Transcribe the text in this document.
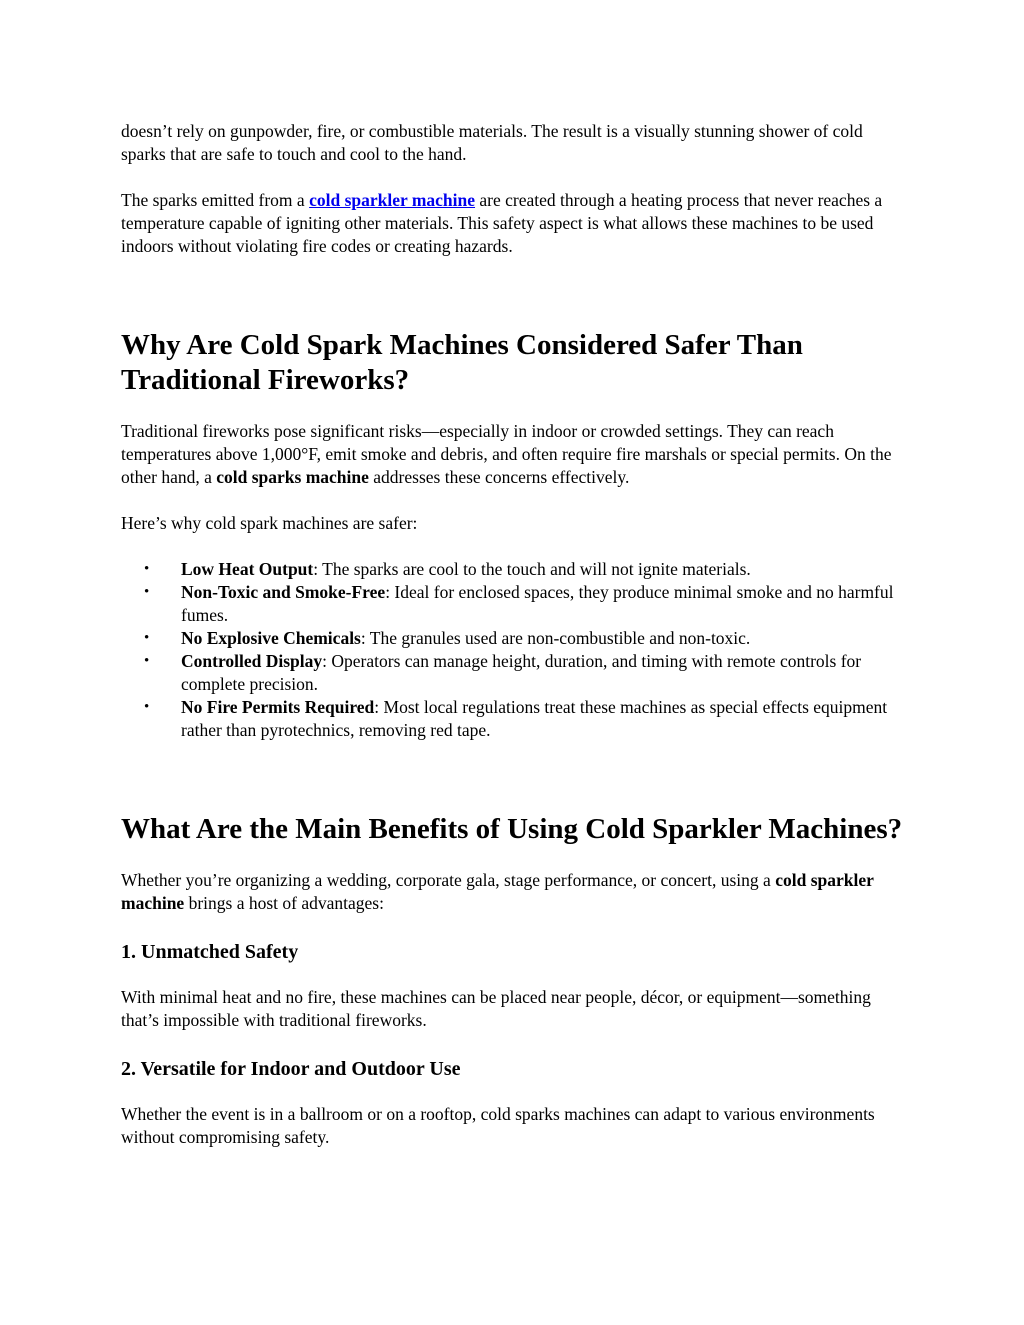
doesn’t rely on gunpowder, fire, or combustible materials. The result is a visually stunning shower of cold sparks that are safe to touch and cool to the hand.

The sparks emitted from a cold sparkler machine are created through a heating process that never reaches a temperature capable of igniting other materials. This safety aspect is what allows these machines to be used indoors without violating fire codes or creating hazards.

Why Are Cold Spark Machines Considered Safer Than Traditional Fireworks?

Traditional fireworks pose significant risks—especially in indoor or crowded settings. They can reach temperatures above 1,000°F, emit smoke and debris, and often require fire marshals or special permits. On the other hand, a cold sparks machine addresses these concerns effectively.

Here’s why cold spark machines are safer:

• Low Heat Output: The sparks are cool to the touch and will not ignite materials.
• Non-Toxic and Smoke-Free: Ideal for enclosed spaces, they produce minimal smoke and no harmful fumes.
• No Explosive Chemicals: The granules used are non-combustible and non-toxic.
• Controlled Display: Operators can manage height, duration, and timing with remote controls for complete precision.
• No Fire Permits Required: Most local regulations treat these machines as special effects equipment rather than pyrotechnics, removing red tape.
What Are the Main Benefits of Using Cold Sparkler Machines?

Whether you’re organizing a wedding, corporate gala, stage performance, or concert, using a cold sparkler machine brings a host of advantages:

1. Unmatched Safety

With minimal heat and no fire, these machines can be placed near people, décor, or equipment—something that’s impossible with traditional fireworks.

2. Versatile for Indoor and Outdoor Use

Whether the event is in a ballroom or on a rooftop, cold sparks machines can adapt to various environments without compromising safety.
